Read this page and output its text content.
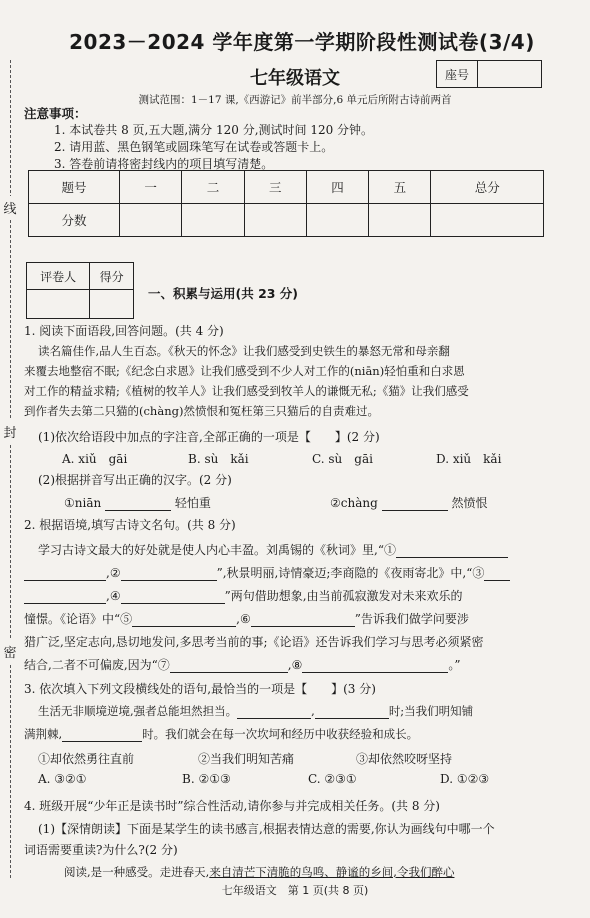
线
封
密
2023－2024 学年度第一学期阶段性测试卷(3/4)
七年级语文	座号
测试范围：1－17 课,《西游记》前半部分,6 单元后所附古诗前两首
注意事项：
1. 本试卷共 8 页,五大题,满分 120 分,测试时间 120 分钟。
2. 请用蓝、黑色钢笔或圆珠笔写在试卷或答题卡上。
3. 答卷前请将密封线内的项目填写清楚。
题号	一	二	三	四	五	总分
分数						
评卷人	得分

一、积累与运用(共 23 分)
1. 阅读下面语段,回答问题。(共 4 分)
读名篇佳作,品人生百态。《秋天的怀念》让我们感受到史铁生的暴怒无常和母亲翻
来覆去地整宿不眠;《纪念白求恩》让我们感受到不少人对工作的(niān)轻怕重和白求恩
对工作的精益求精;《植树的牧羊人》让我们感受到牧羊人的谦慨无私;《猫》让我们感受
到作者失去第二只猫的(chàng)然愤恨和冤枉第三只猫后的自责难过。
(1)依次给语段中加点的字注音,全部正确的一项是【　　】(2 分)
A. xiǔ　gāi	B. sù　kǎi	C. sù　gāi	D. xiǔ　kǎi
(2)根据拼音写出正确的汉字。(2 分)
①niān	轻怕重	②chàng	然愤恨
2. 根据语境,填写古诗文名句。(共 8 分)
学习古诗文最大的好处就是使人内心丰盈。刘禹锡的《秋词》里,“①
,②	”,秋景明丽,诗情豪迈;李商隐的《夜雨寄北》中,“③
,④	”两句借助想象,由当前孤寂激发对未来欢乐的
憧憬。《论语》中“⑤	,⑥	”告诉我们做学问要涉
猎广泛,坚定志向,恳切地发问,多思考当前的事;《论语》还告诉我们学习与思考必须紧密
结合,二者不可偏废,因为“⑦	,⑧	。”
3. 依次填入下列文段横线处的语句,最恰当的一项是【　　】(3 分)
生活无非顺境逆境,强者总能坦然担当。	,	时;当我们明知铺
满荆棘,	时。我们就会在每一次坎坷和经历中收获经验和成长。
①却依然勇往直前	②当我们明知苦痛	③却依然咬呀坚持
A. ③②①	B. ②①③	C. ②③①	D. ①②③
4. 班级开展“少年正是读书时”综合性活动,请你参与并完成相关任务。(共 8 分)
(1)【深情朗读】下面是某学生的读书感言,根据表情达意的需要,你认为画线句中哪一个
词语需要重读?为什么?(2 分)
阅读,是一种感受。走进春天,来自清芒下清脆的鸟鸣、静谧的乡间,令我们醉心
七年级语文　第 1 页(共 8 页)
